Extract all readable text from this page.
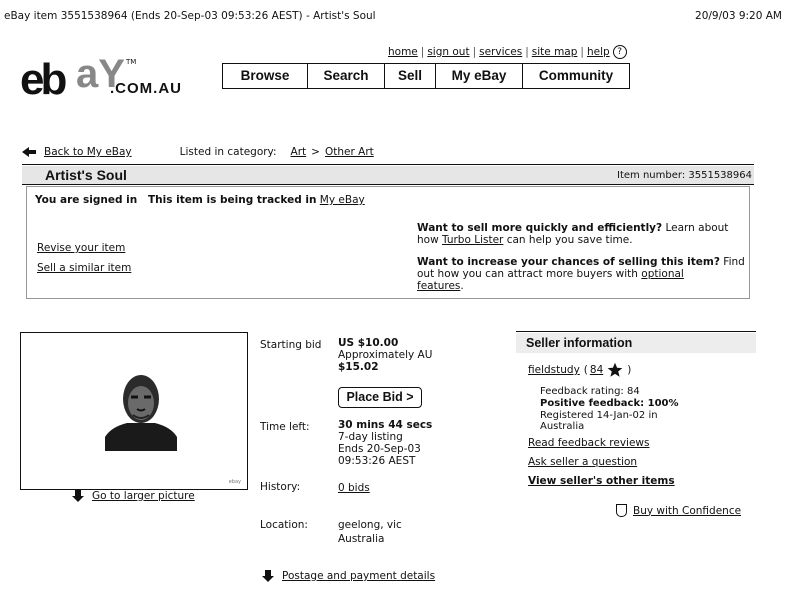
eBay item 3551538964 (Ends 20-Sep-03 09:53:26 AEST) - Artist's Soul	20/9/03 9:20 AM
eb aY TM
.COM.AU
home | sign out | services | site map | help ?
Browse	Search	Sell	My eBay	Community
Back to My eBay	Listed in category: Art > Other Art
Artist's Soul	Item number: 3551538964
You are signed in This item is being tracked in My eBay
Revise your item
Sell a similar item
Want to sell more quickly and efficiently? Learn about
how Turbo Lister can help you save time.
Want to increase your chances of selling this item? Find
out how you can attract more buyers with optional
features.
ebay
Go to larger picture
Starting bid US $10.00
Approximately AU
$15.02
Place Bid >
Time left:	30 mins 44 secs
7-day listing
Ends 20-Sep-03
09:53:26 AEST
History:	0 bids
Location:	geelong, vic
Australia
Postage and payment details
Seller information
fieldstudy ( 84 )
Feedback rating: 84
Positive feedback: 100%
Registered 14-Jan-02 in
Australia
Read feedback reviews
Ask seller a question
View seller's other items
Buy with Confidence
